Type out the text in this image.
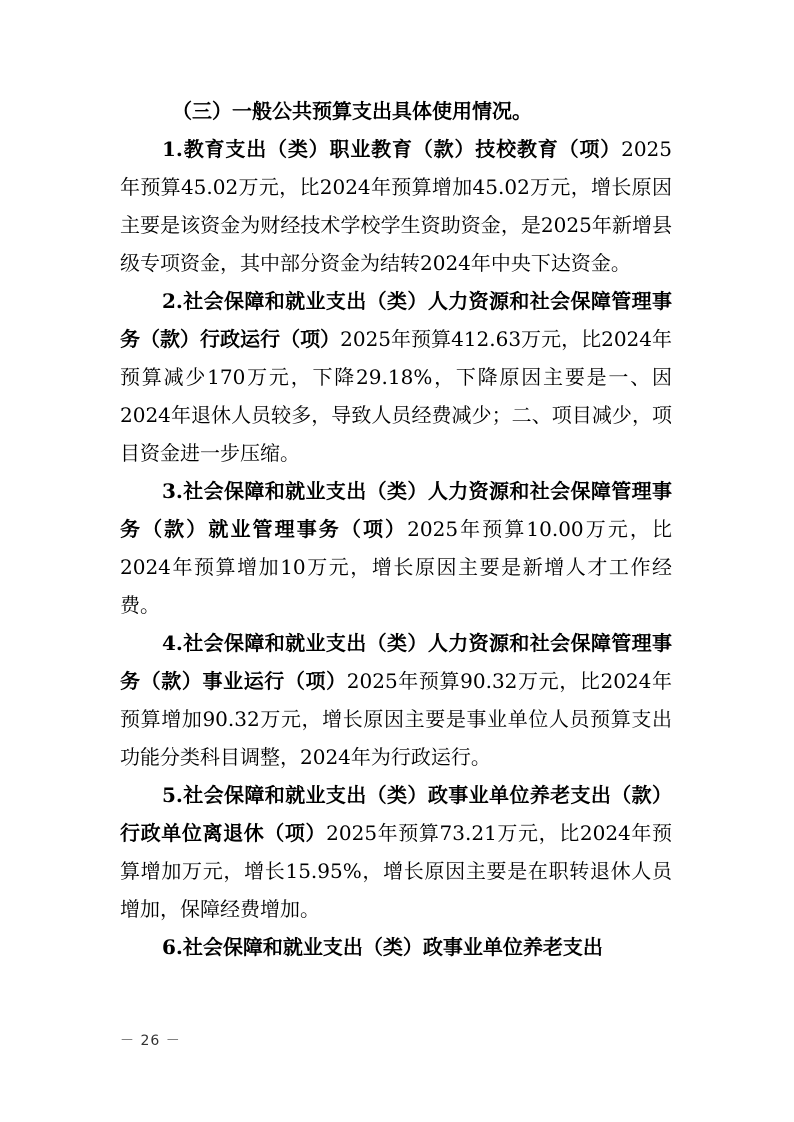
（三）一般公共预算支出具体使用情况。

1.教育支出（类）职业教育（款）技校教育（项）2025年预算45.02万元，比2024年预算增加45.02万元，增长原因主要是该资金为财经技术学校学生资助资金，是2025年新增县级专项资金，其中部分资金为结转2024年中央下达资金。

2.社会保障和就业支出（类）人力资源和社会保障管理事务（款）行政运行（项）2025年预算412.63万元，比2024年预算减少170万元，下降29.18%，下降原因主要是一、因2024年退休人员较多，导致人员经费减少；二、项目减少，项目资金进一步压缩。

3.社会保障和就业支出（类）人力资源和社会保障管理事务（款）就业管理事务（项）2025年预算10.00万元，比2024年预算增加10万元，增长原因主要是新增人才工作经费。

4.社会保障和就业支出（类）人力资源和社会保障管理事务（款）事业运行（项）2025年预算90.32万元，比2024年预算增加90.32万元，增长原因主要是事业单位人员预算支出功能分类科目调整，2024年为行政运行。

5.社会保障和就业支出（类）政事业单位养老支出（款）行政单位离退休（项）2025年预算73.21万元，比2024年预算增加万元，增长15.95%，增长原因主要是在职转退休人员增加，保障经费增加。

6.社会保障和就业支出（类）政事业单位养老支出

－ 26 －
